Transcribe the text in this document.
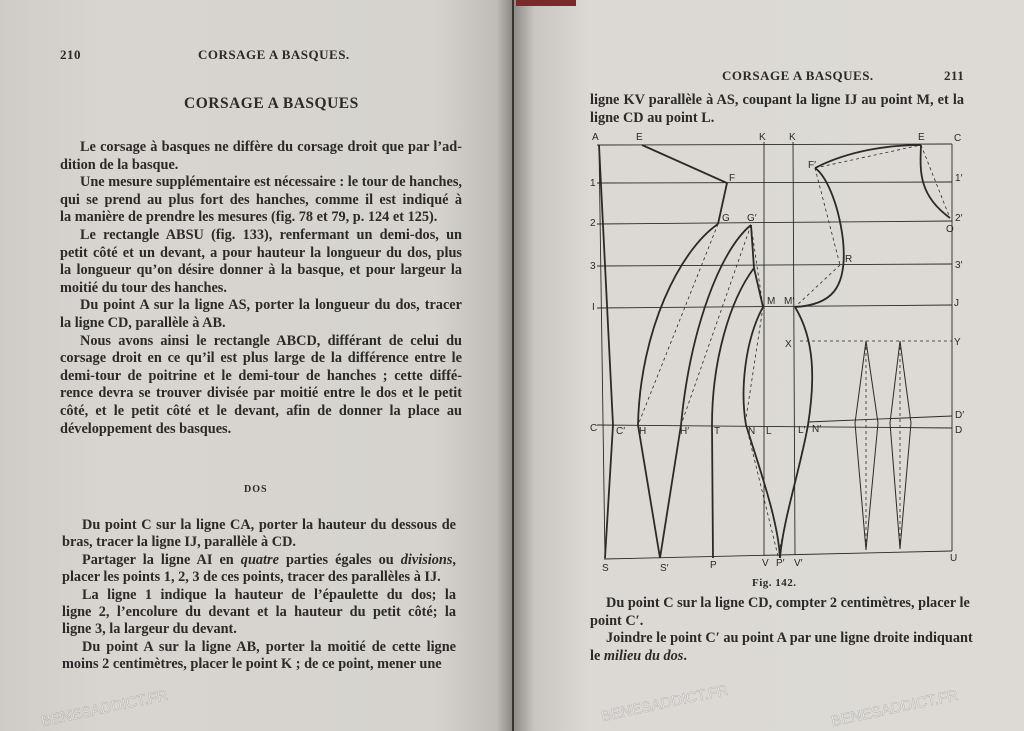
210	CORSAGE A BASQUES.
CORSAGE A BASQUES
DOS
CORSAGE A BASQUES.	211
Fig. 142.
Le corsage à basques ne diffère du corsage droit que par l’ad-
dition de la basque.
Une mesure supplémentaire est nécessaire : le tour de hanches,
qui se prend au plus fort des hanches, comme il est indiqué à
la manière de prendre les mesures (fig. 78 et 79, p. 124 et 125).
Le rectangle ABSU (fig. 133), renfermant un demi-dos, un
petit côté et un devant, a pour hauteur la longueur du dos, plus
la longueur qu’on désire donner à la basque, et pour largeur la
moitié du tour des hanches.
Du point A sur la ligne AS, porter la longueur du dos, tracer
la ligne CD, parallèle à AB.
Nous avons ainsi le rectangle ABCD, différant de celui du
corsage droit en ce qu’il est plus large de la différence entre le
demi-tour de poitrine et le demi-tour de hanches ; cette diffé-
rence devra se trouver divisée par moitié entre le dos et le petit
côté, et le petit côté et le devant, afin de donner la place au
développement des basques.
Du point C sur la ligne CA, porter la hauteur du dessous de
bras, tracer la ligne IJ, parallèle à CD.
Partager la ligne AI en quatre parties égales ou divisions,
placer les points 1, 2, 3 de ces points, tracer des parallèles à IJ.
La ligne 1 indique la hauteur de l’épaulette du dos; la
ligne 2, l’encolure du devant et la hauteur du petit côté; la
ligne 3, la largeur du devant.
Du point A sur la ligne AB, porter la moitié de cette ligne
moins 2 centimètres, placer le point K ; de ce point, mener une
ligne KV parallèle à AS, coupant la ligne IJ au point M, et la
ligne CD au point L.
Du point C sur la ligne CD, compter 2 centimètres, placer le
point C′.
Joindre le point C′ au point A par une ligne droite indiquant
le milieu du dos.
A	E	K K	E	C
F
F′
1	1′
2	G G′	2′
O
3
R
3′
I
M M′	J
X	Y
C C′ H	H′ T	N L	L′ N′
D′
D
S	S′	P	V P′ V′	U
BENESADDICT.FR	BENESADDICT.FR	BENESADDICT.FR
